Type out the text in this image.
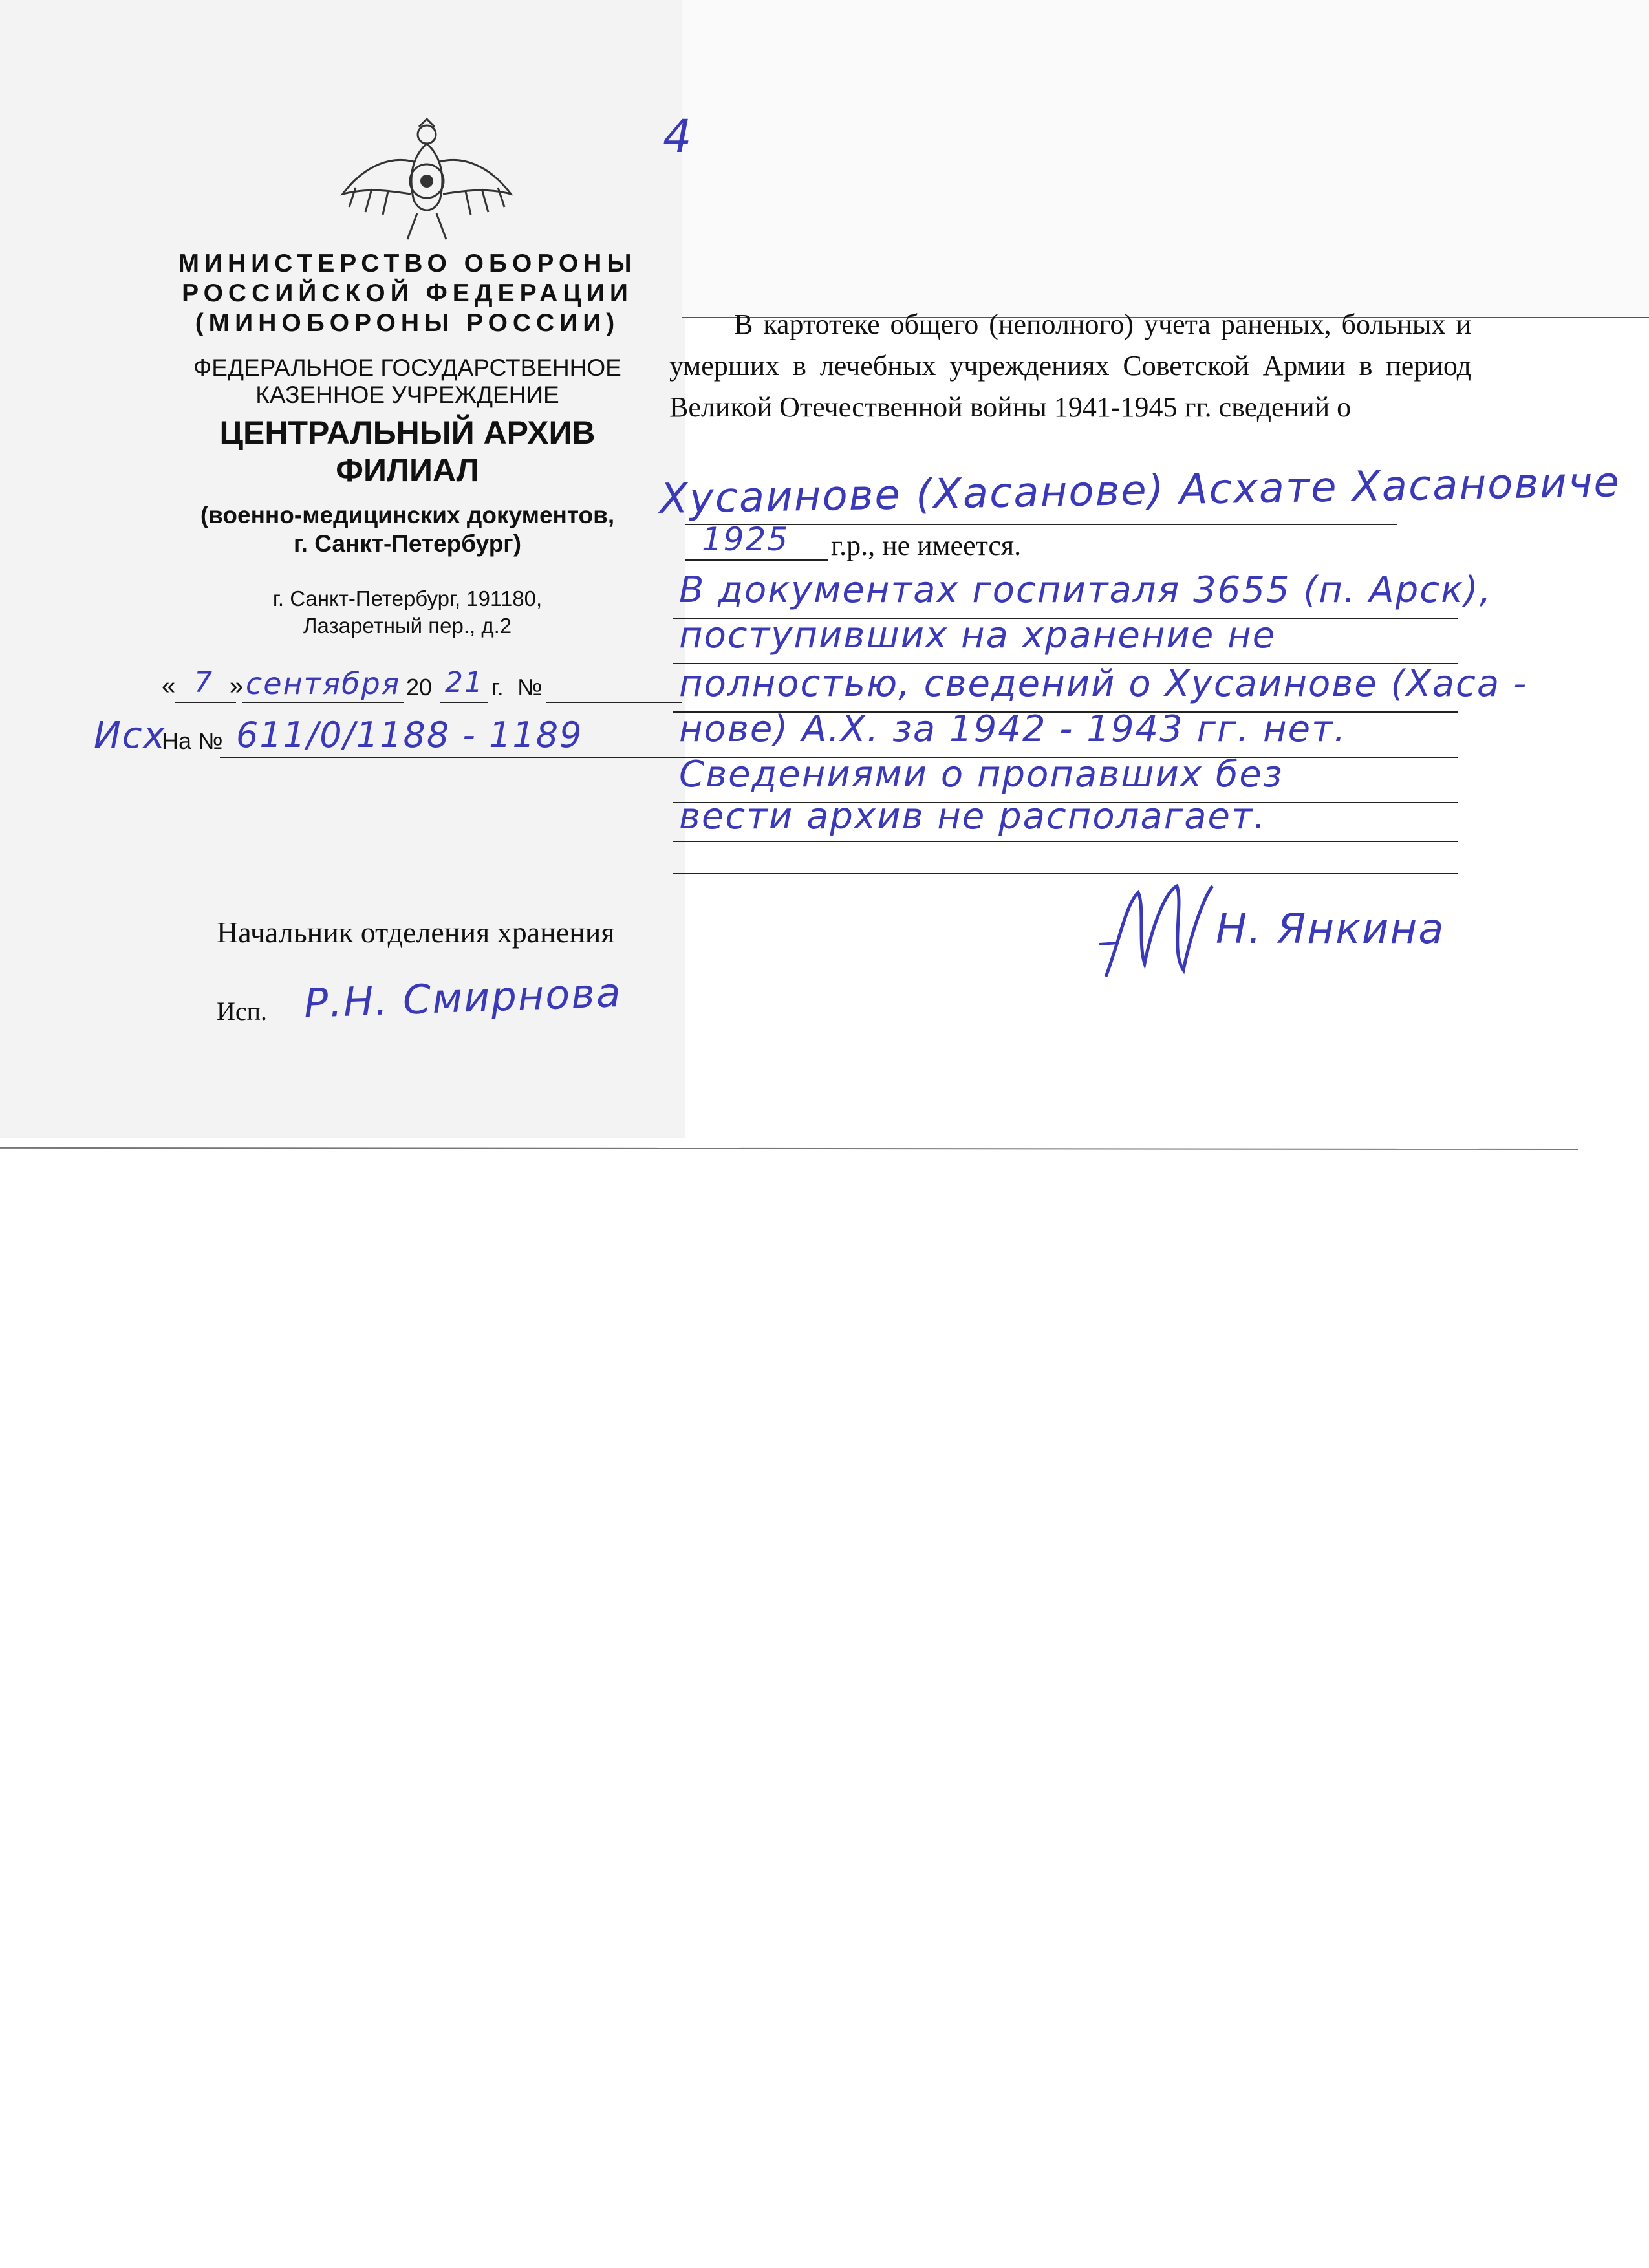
МИНИСТЕРСТВО ОБОРОНЫ
РОССИЙСКОЙ ФЕДЕРАЦИИ
(МИНОБОРОНЫ РОССИИ)
ФЕДЕРАЛЬНОЕ ГОСУДАРСТВЕННОЕ
КАЗЕННОЕ УЧРЕЖДЕНИЕ
ЦЕНТРАЛЬНЫЙ АРХИВ
ФИЛИАЛ
(военно-медицинских документов,
г. Санкт-Петербург)
г. Санкт-Петербург, 191180,
Лазаретный пер., д.2
« 7 » сентября 20 21 г. №
Исх
На № 611/0/1188 - 1189
4
В картотеке общего (неполного) учета раненых, больных и умерших в лечебных учреждениях Советской Армии в период Великой Отечественной войны 1941-1945 гг. сведений о
Хусаинове (Хасанове) Асхате Хасановиче
1925 г.р., не имеется.
В документах госпиталя 3655 (п. Арск),
поступивших на хранение не
полностью, сведений о Хусаинове (Хаса -
нове) А.Х. за 1942 - 1943 гг. нет.
Сведениями о пропавших без
вести архив не располагает.
Начальник отделения хранения	Н. Янкина
Исп. Р.Н. Смирнова
